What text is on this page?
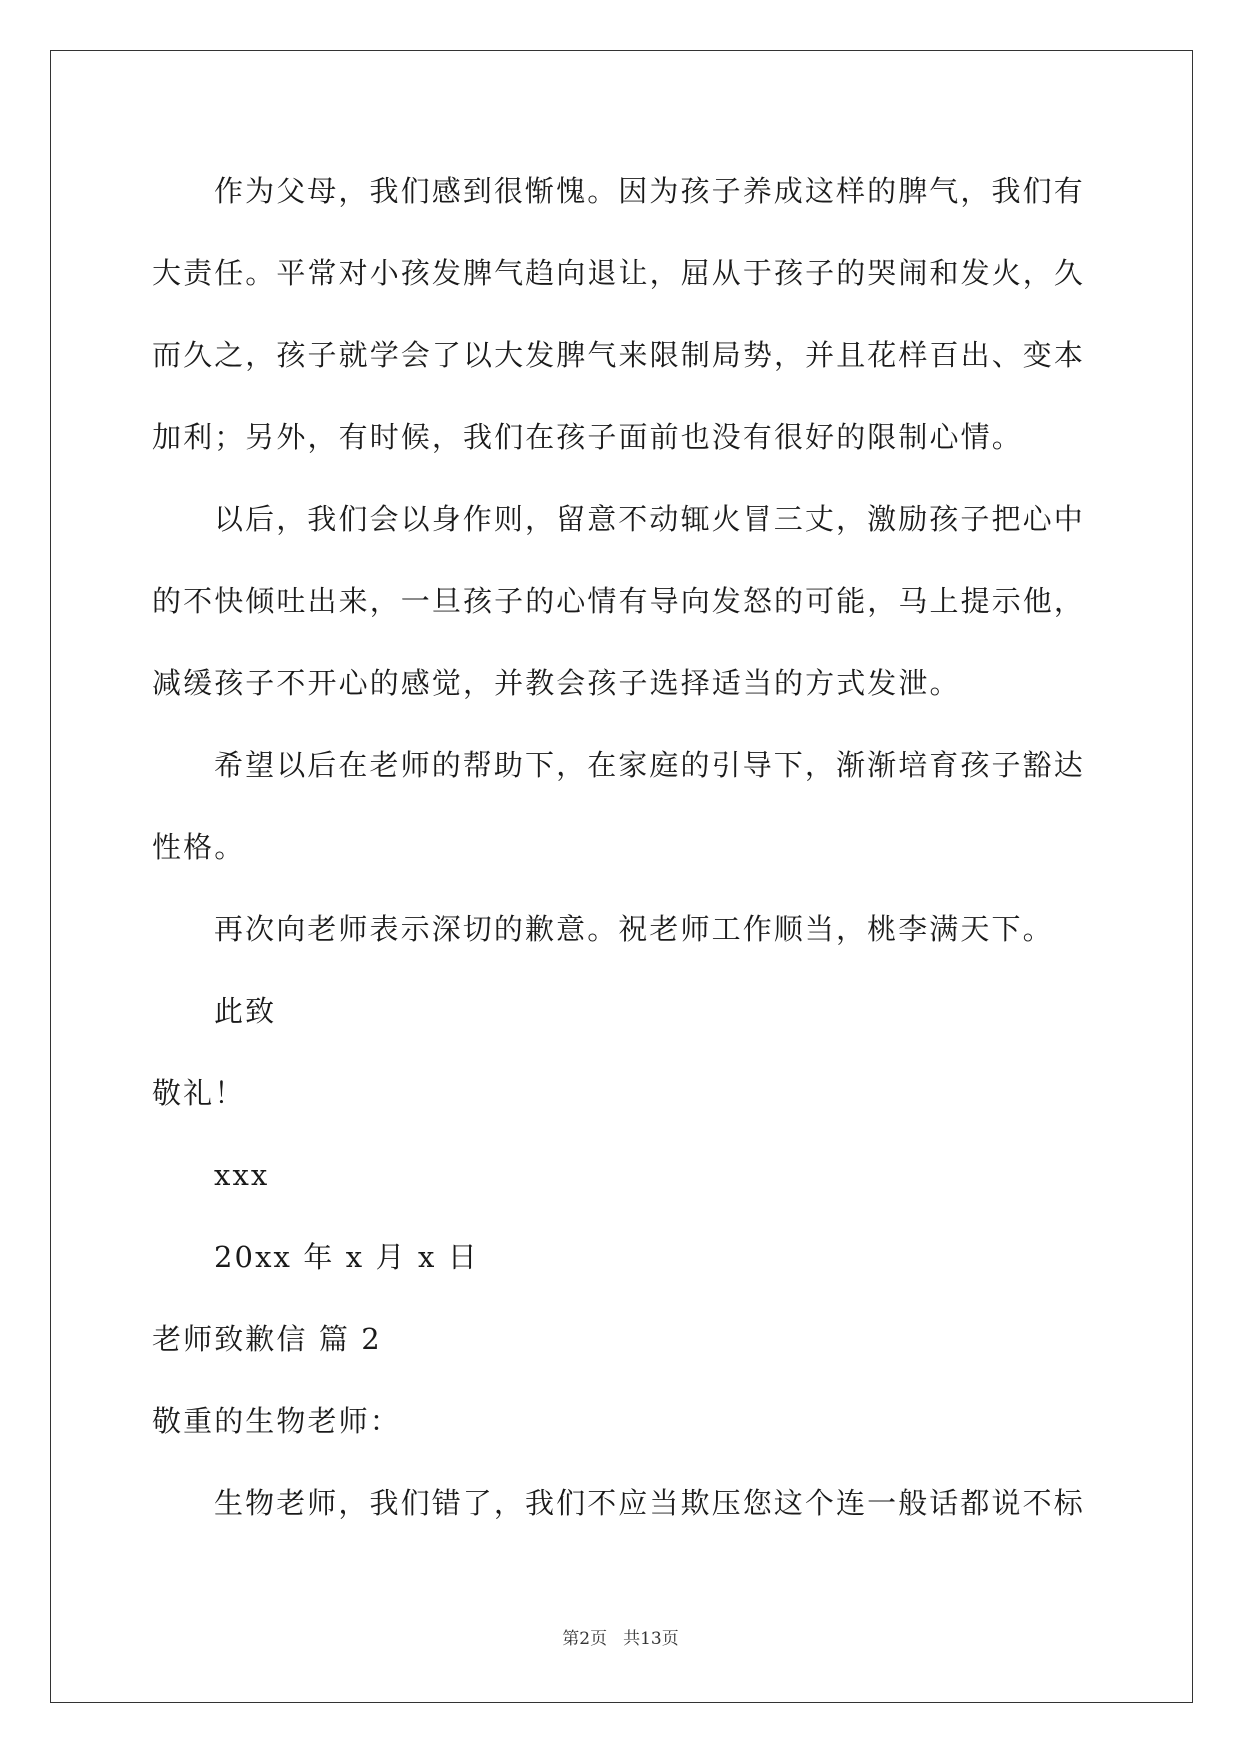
作为父母，我们感到很惭愧。因为孩子养成这样的脾气，我们有
大责任。平常对小孩发脾气趋向退让，屈从于孩子的哭闹和发火，久
而久之，孩子就学会了以大发脾气来限制局势，并且花样百出、变本
加利；另外，有时候，我们在孩子面前也没有很好的限制心情。
以后，我们会以身作则，留意不动辄火冒三丈，激励孩子把心中
的不快倾吐出来，一旦孩子的心情有导向发怒的可能，马上提示他，
减缓孩子不开心的感觉，并教会孩子选择适当的方式发泄。
希望以后在老师的帮助下，在家庭的引导下，渐渐培育孩子豁达
性格。
再次向老师表示深切的歉意。祝老师工作顺当，桃李满天下。
此致
敬礼！
xxx
20xx 年 x 月 x 日
老师致歉信 篇 2
敬重的生物老师：
生物老师，我们错了，我们不应当欺压您这个连一般话都说不标
第2页 共13页
